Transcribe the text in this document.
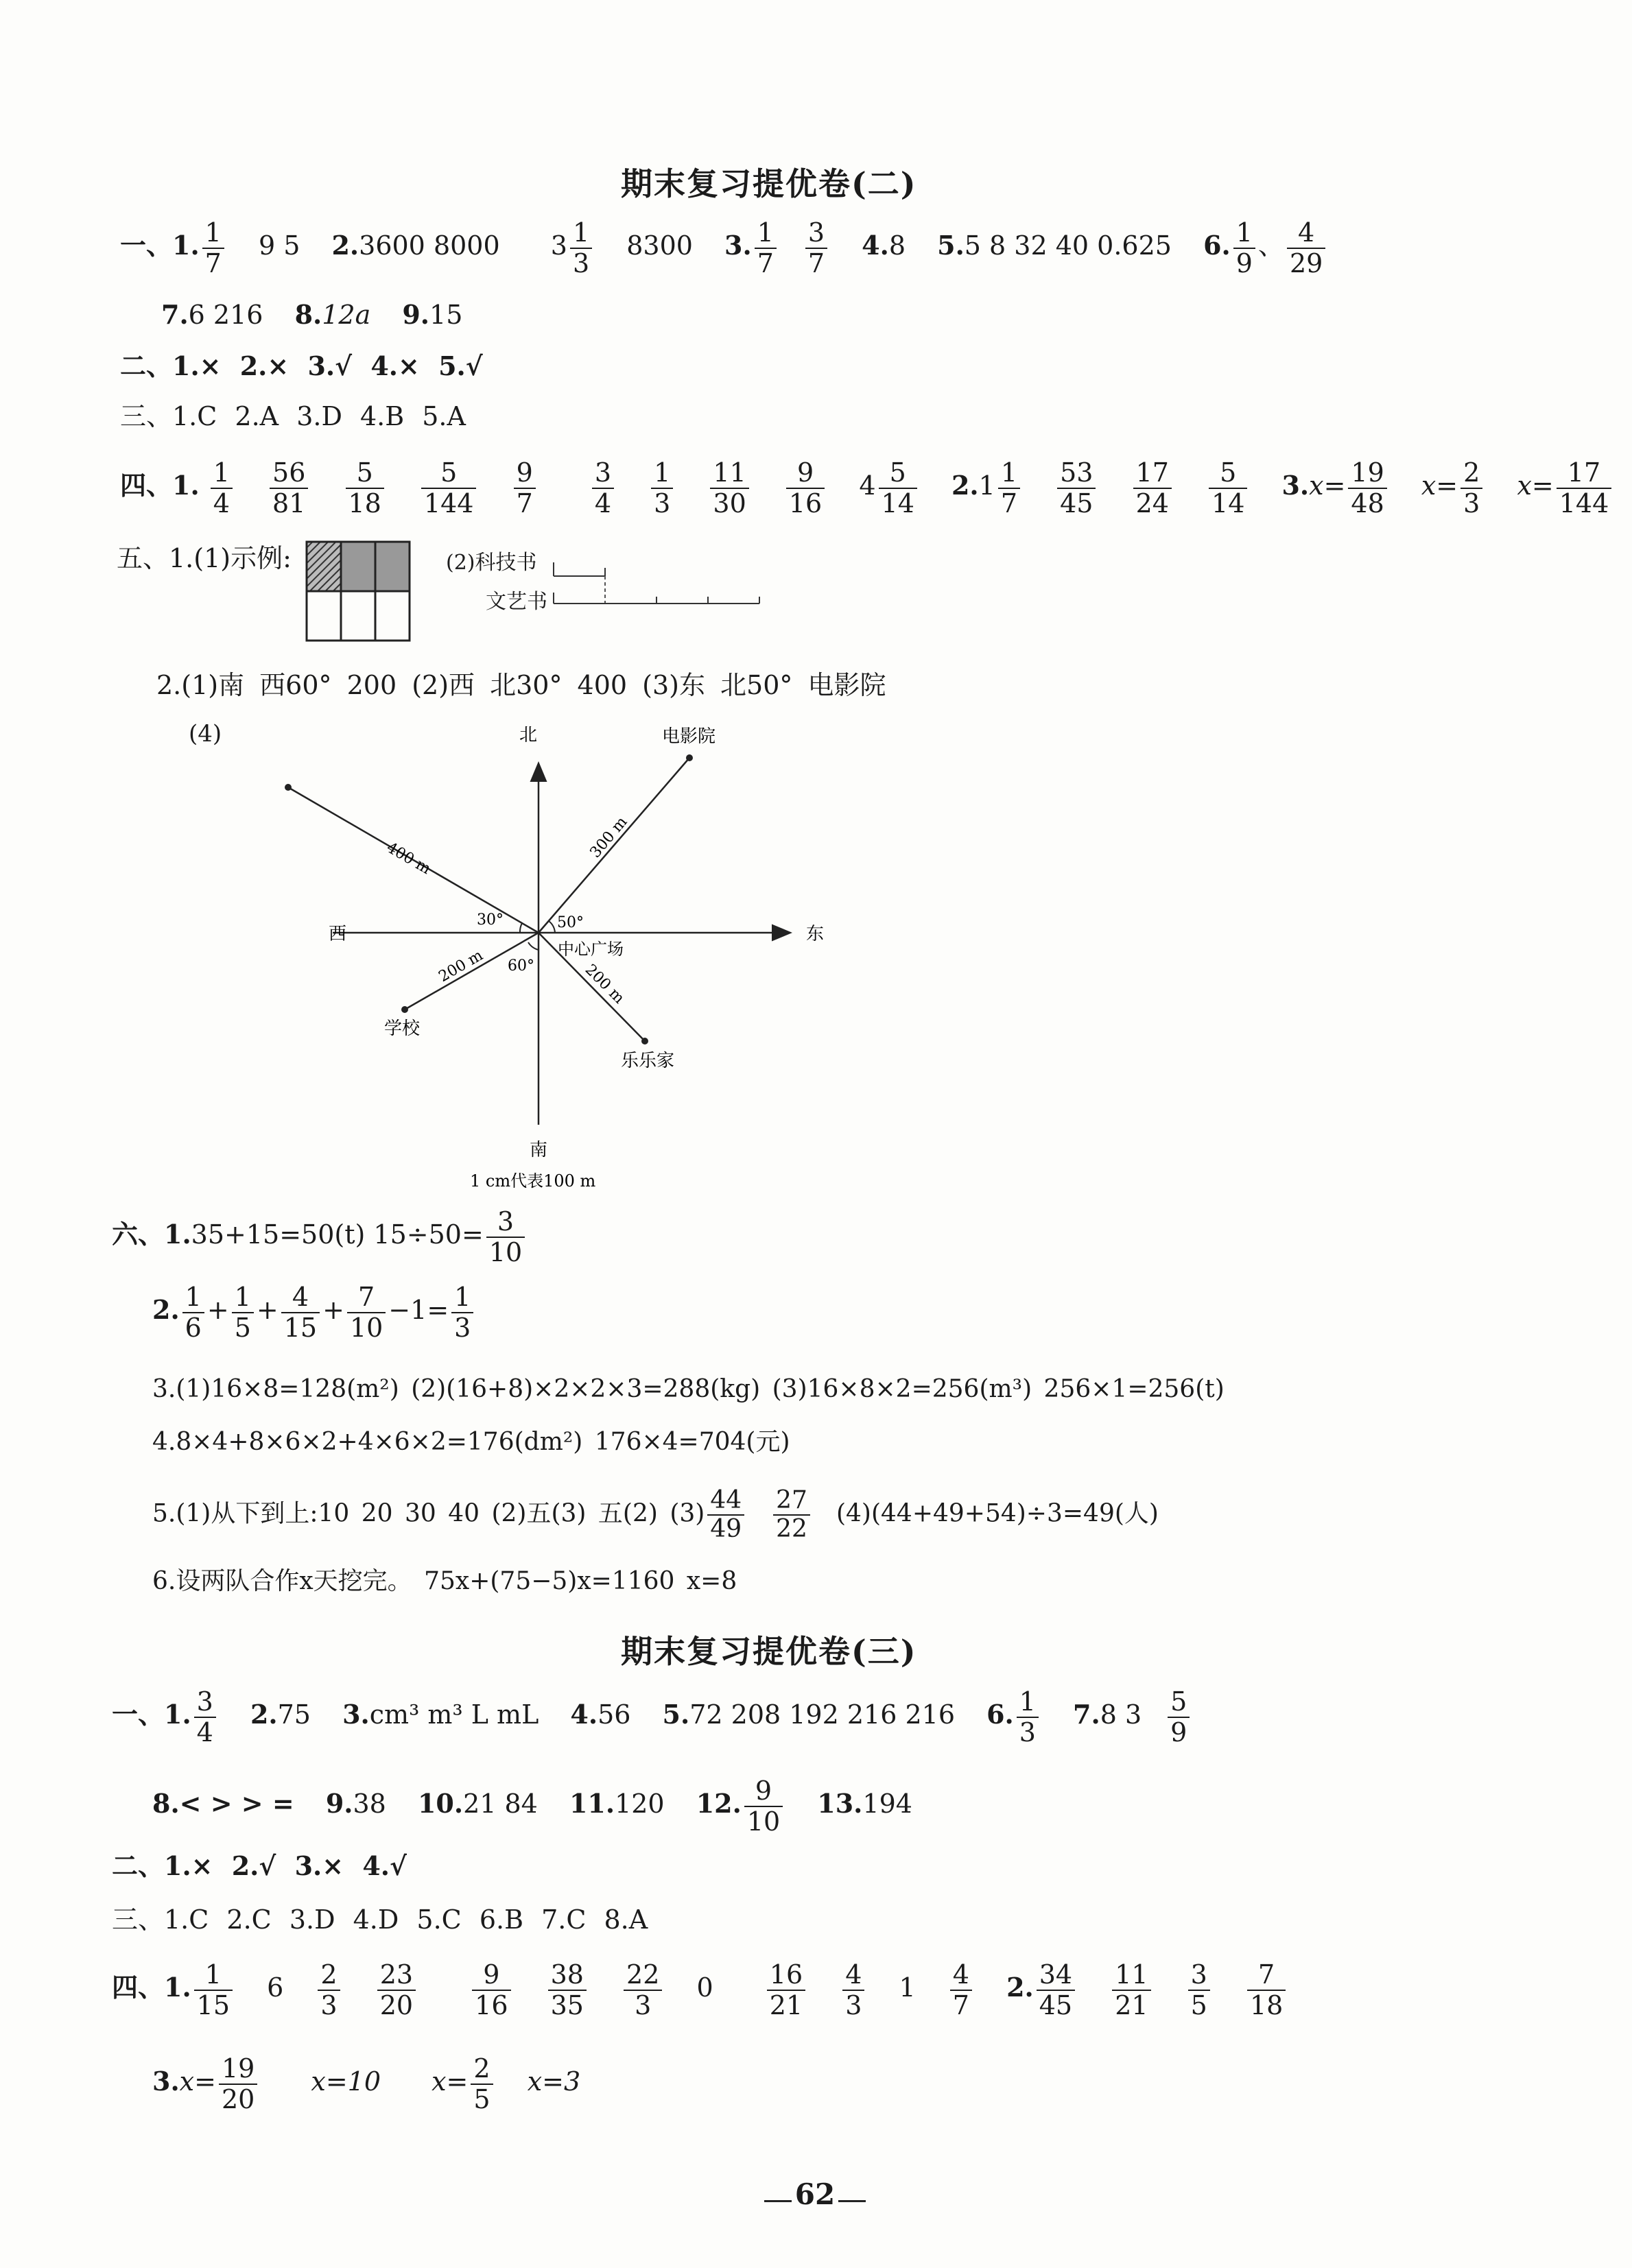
期末复习提优卷(二)
一、1. $\frac{1}{7} 9$ 5 2.3600 8000 $3 \frac{1}{3} 8300$ 3. $\frac{1}{7} \frac{3}{7} 4.8$ 5.5 8 32 40 0.625 6. $\frac{1}{9}$ 、 $\frac{4}{29}$
7.6 216 8.12a 9.15
二、1.× 2.× 3.√ 4.× 5.√
三、1.C 2.A 3.D 4.B 5.A
四、1. $\frac{1}{4}$
$\frac{56}{81}$
$\frac{5}{18}$
$\frac{5}{144}$
$\frac{9}{7}$
$\frac{3}{4}$
$\frac{1}{3}$
$\frac{11}{30}$
$\frac{9}{16} 4 \frac{5}{14} 2.1 \frac{1}{7}$
$\frac{53}{45}$
$\frac{17}{24}$
$\frac{5}{14} 3.x= \frac{19}{48} x= \frac{2}{3} x= \frac{17}{144}$
五、1.(1)示例:	(2)科技书
文艺书
2.(1)南 西60° 200 (2)西 北30° 400 (3)东 北50° 电影院
(4)	北
南
东
西
电影院
学校
乐乐家
中心广场
400 m	300 m
200 m	200 m
30°	50°
60°
1 cm代表100 m
六、1.35+15=50(t) $15\div 50= \frac{3}{10}$
2. $\frac{1}{6} + \frac{1}{5} + \frac{4}{15} + \frac{7}{10} -1= \frac{1}{3}$
3.(1)16×8=128(m²) (2)(16+8)×2×2×3=288(kg) (3)16×8×2=256(m³) 256×1=256(t)
4.8×4+8×6×2+4×6×2=176(dm²) 176×4=704(元)
5.(1)从下到上:10 20 30 40 (2)五(3) 五(2) $(3) \frac{44}{49} \frac{27}{22} (4)(44+49+54)\div 3=49$(人)
6.设两队合作x天挖完。 75x+(75−5)x=1160 x=8
期末复习提优卷(三)
一、1. $\frac{3}{4} 2.75$ 3.cm³ m³ L mL 4.56 5.72 208 192 216 216 6. $\frac{1}{3} 7.8$ $3 \frac{5}{9}$
8.< > > = 9.38 10.21 84 11.120 12. $\frac{9}{10} 13.194$
二、1.× 2.√ 3.× 4.√
三、1.C 2.C 3.D 4.D 5.C 6.B 7.C 8.A
四、1. $\frac{1}{15} 6 \frac{2}{3}$
$\frac{23}{20}$
$\frac{9}{16}$
$\frac{38}{35}$
$\frac{22}{3} 0 \frac{16}{21}$
$\frac{4}{3} 1 \frac{4}{7} 2$. $\frac{34}{45}$
$\frac{11}{21}$
$\frac{3}{5}$
$\frac{7}{18}$
$3.x= \frac{19}{20} x=10$ $x= \frac{2}{5} x=3$
62
